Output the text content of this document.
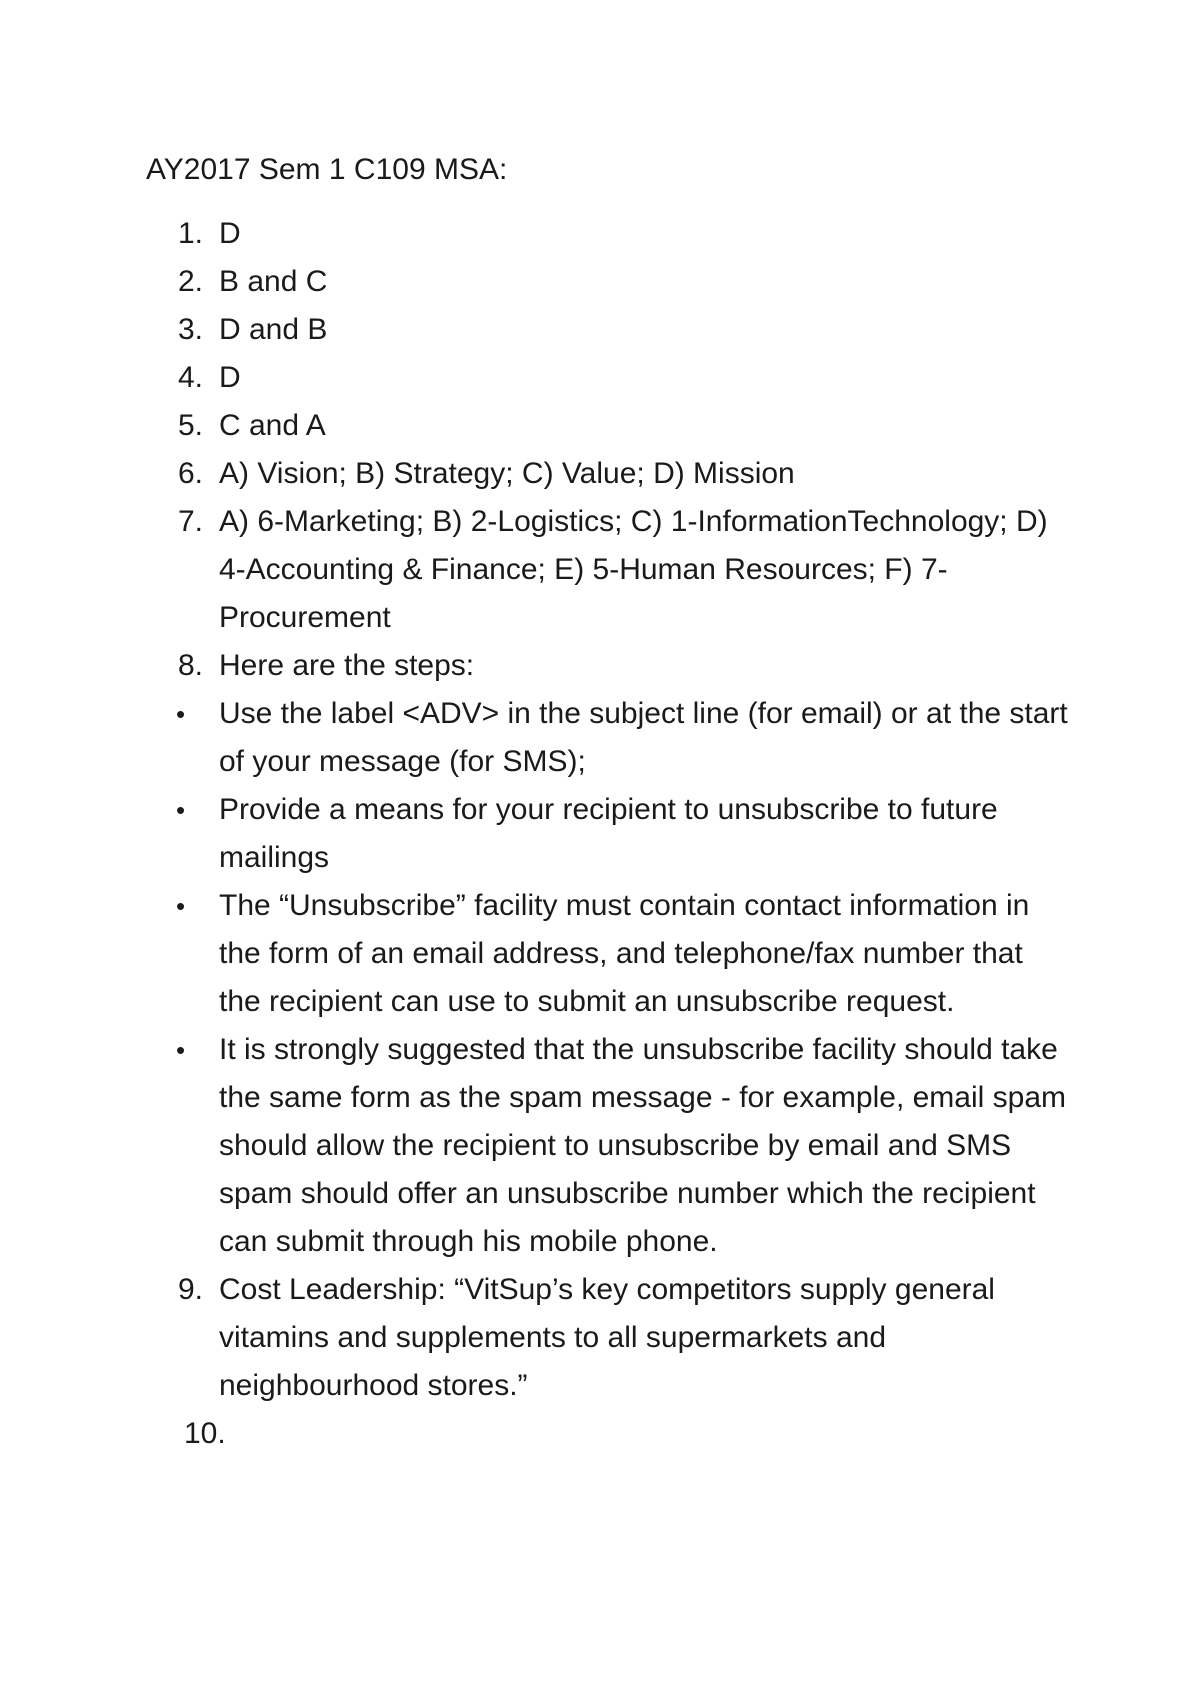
AY2017 Sem 1 C109 MSA:
1. D
2. B and C
3. D and B
4. D
5. C and A
6. A) Vision; B) Strategy; C) Value; D) Mission
7. A) 6-Marketing; B) 2-Logistics; C) 1-InformationTechnology; D) 4-Accounting & Finance; E) 5-Human Resources; F) 7-Procurement
8. Here are the steps:
•	Use the label <ADV> in the subject line (for email) or at the start of your message (for SMS);
•	Provide a means for your recipient to unsubscribe to future mailings
•	The “Unsubscribe” facility must contain contact information in the form of an email address, and telephone/fax number that the recipient can use to submit an unsubscribe request.
•	It is strongly suggested that the unsubscribe facility should take the same form as the spam message - for example, email spam should allow the recipient to unsubscribe by email and SMS spam should offer an unsubscribe number which the recipient can submit through his mobile phone.
9. Cost Leadership: “VitSup’s key competitors supply general vitamins and supplements to all supermarkets and neighbourhood stores.”
10.
